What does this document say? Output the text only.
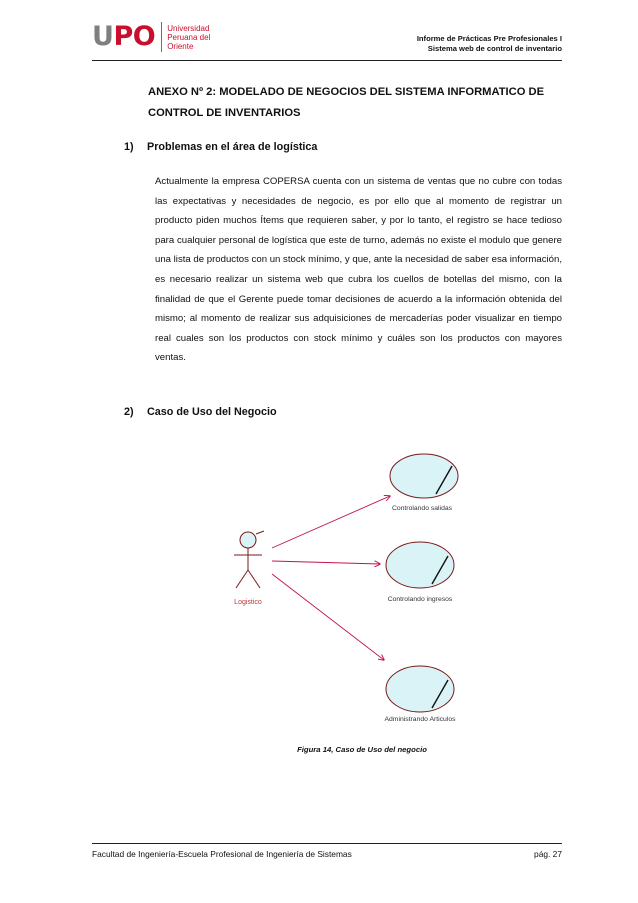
UPO Universidad
Peruana del
Oriente
Informe de Prácticas Pre Profesionales I
Sistema web de control de inventario
ANEXO Nº 2: MODELADO DE NEGOCIOS DEL SISTEMA INFORMATICO DE
CONTROL DE INVENTARIOS
1) Problemas en el área de logística
Actualmente la empresa COPERSA cuenta con un sistema de ventas que no cubre con todas las expectativas y necesidades de negocio, es por ello que al momento de registrar un producto piden muchos Ítems que requieren saber, y por lo tanto, el registro se hace tedioso para cualquier personal de logística que este de turno, además no existe el modulo que genere una lista de productos con un stock mínimo, y que, ante la necesidad de saber esa información, es necesario realizar un sistema web que cubra los cuellos de botellas del mismo, con la finalidad de que el Gerente puede tomar decisiones de acuerdo a la información obtenida del mismo; al momento de realizar sus adquisiciones de mercaderías poder visualizar en tiempo real cuales son los productos con stock mínimo y cuáles son los productos con mayores ventas.
2) Caso de Uso del Negocio
Logistico
Controlando salidas
Controlando ingresos
Administrando Articulos
Figura 14, Caso de Uso del negocio
Facultad de Ingeniería-Escuela Profesional de Ingeniería de Sistemas	pág. 27
